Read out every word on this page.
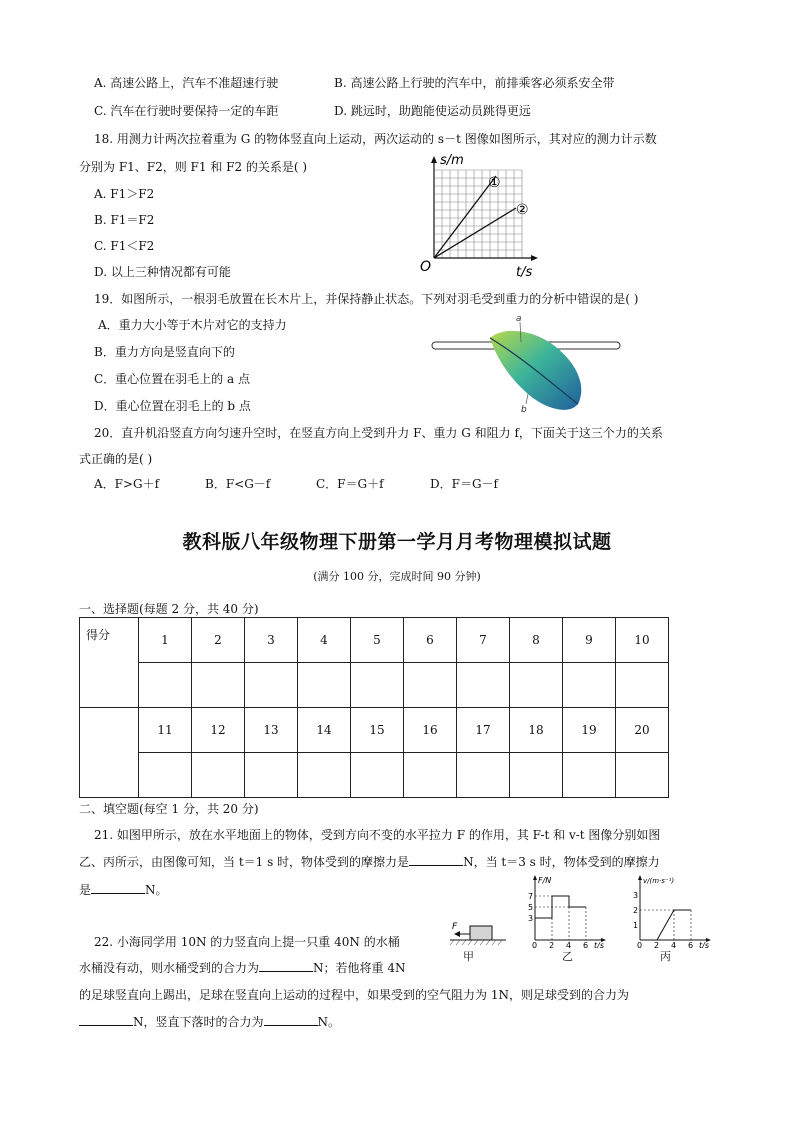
A. 高速公路上，汽车不准超速行驶	B. 高速公路上行驶的汽车中，前排乘客必须系安全带
C. 汽车在行驶时要保持一定的车距	D. 跳远时，助跑能使运动员跳得更远
18. 用测力计两次拉着重为 G 的物体竖直向上运动，两次运动的 s－t 图像如图所示，其对应的测力计示数
分别为 F1、F2，则 F1 和 F2 的关系是( )
A. F1＞F2
B. F1＝F2
C. F1＜F2
D. 以上三种情况都有可能
s/m
t/s
O
①
②
19．如图所示，一根羽毛放置在长木片上，并保持静止状态。下列对羽毛受到重力的分析中错误的是( )
A．重力大小等于木片对它的支持力
B．重力方向是竖直向下的
C．重心位置在羽毛上的 a 点
D．重心位置在羽毛上的 b 点
a
b
20．直升机沿竖直方向匀速升空时，在竖直方向上受到升力 F、重力 G 和阻力 f，下面关于这三个力的关系
式正确的是( )
A．F>G＋f	B．F<G－f	C．F＝G＋f	D．F＝G－f
教科版八年级物理下册第一学月月考物理模拟试题
(满分 100 分，完成时间 90 分钟)
一、选择题(每题 2 分，共 40 分)
得分	1	2	3	4	5	6	7	8	9	10

	11	12	13	14	15	16	17	18	19	20

二、填空题(每空 1 分，共 20 分)
21. 如图甲所示，放在水平地面上的物体，受到方向不变的水平拉力 F 的作用，其 F-t 和 v-t 图像分别如图
乙、丙所示，由图像可知，当 t＝1 s 时，物体受到的摩擦力是	N，当 t＝3 s 时，物体受到的摩擦力
是	N。
F
甲
F/N
3
5
7
0 2 4 6 t/s
乙
v/(m·s⁻¹)
1
2
3
0 2 4 6 t/s
丙
22. 小海同学用 10N 的力竖直向上提一只重 40N 的水桶
水桶没有动，则水桶受到的合力为	N；若他将重 4N
的足球竖直向上踢出，足球在竖直向上运动的过程中，如果受到的空气阻力为 1N，则足球受到的合力为
N，竖直下落时的合力为	N。
